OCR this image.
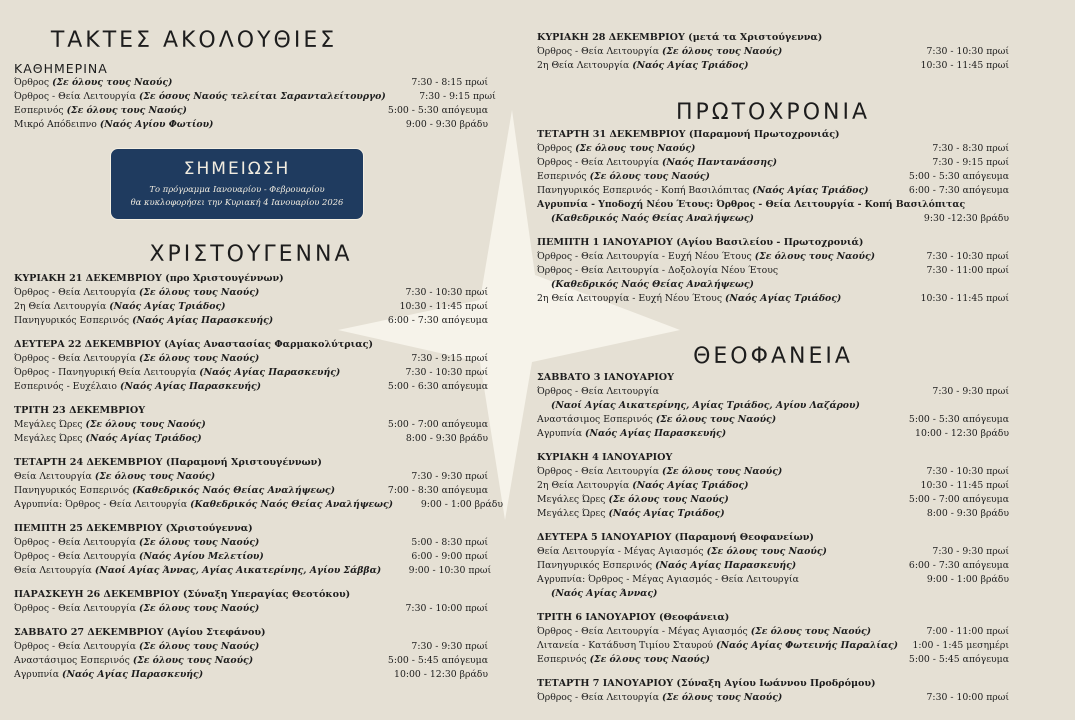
ΤΑΚΤΕΣ ΑΚΟΛΟΥΘΙΕΣ
ΚΑΘΗΜΕΡΙΝΑ
Όρθρος (Σε όλους τους Ναούς)	7:30 - 8:15 πρωί
Όρθρος - Θεία Λειτουργία (Σε όσους Ναούς τελείται Σαρανταλείτουργο)	7:30 - 9:15 πρωί
Εσπερινός (Σε όλους τους Ναούς)	5:00 - 5:30 απόγευμα
Μικρό Απόδειπνο (Ναός Αγίου Φωτίου)	9:00 - 9:30 βράδυ
ΧΡΙΣΤΟΥΓΕΝΝΑ
ΚΥΡΙΑΚΗ 21 ΔΕΚΕΜΒΡΙΟΥ (προ Χριστουγέννων)
Όρθρος - Θεία Λειτουργία (Σε όλους τους Ναούς)	7:30 - 10:30 πρωί
2η Θεία Λειτουργία (Ναός Αγίας Τριάδος)	10:30 - 11:45 πρωί
Πανηγυρικός Εσπερινός (Ναός Αγίας Παρασκευής)	6:00 - 7:30 απόγευμα
ΔΕΥΤΕΡΑ 22 ΔΕΚΕΜΒΡΙΟΥ (Αγίας Αναστασίας Φαρμακολύτριας)
Όρθρος - Θεία Λειτουργία (Σε όλους τους Ναούς)	7:30 - 9:15 πρωί
Όρθρος - Πανηγυρική Θεία Λειτουργία (Ναός Αγίας Παρασκευής)	7:30 - 10:30 πρωί
Εσπερινός - Ευχέλαιο (Ναός Αγίας Παρασκευής)	5:00 - 6:30 απόγευμα
ΤΡΙΤΗ 23 ΔΕΚΕΜΒΡΙΟΥ
Μεγάλες Ώρες (Σε όλους τους Ναούς)	5:00 - 7:00 απόγευμα
Μεγάλες Ώρες (Ναός Αγίας Τριάδος)	8:00 - 9:30 βράδυ
ΤΕΤΑΡΤΗ 24 ΔΕΚΕΜΒΡΙΟΥ (Παραμονή Χριστουγέννων)
Θεία Λειτουργία (Σε όλους τους Ναούς)	7:30 - 9:30 πρωί
Πανηγυρικός Εσπερινός (Καθεδρικός Ναός Θείας Αναλήψεως)	7:00 - 8:30 απόγευμα
Αγρυπνία: Όρθρος - Θεία Λειτουργία (Καθεδρικός Ναός Θείας Αναλήψεως)	9:00 - 1:00 βράδυ
ΠΕΜΠΤΗ 25 ΔΕΚΕΜΒΡΙΟΥ (Χριστούγεννα)
Όρθρος - Θεία Λειτουργία (Σε όλους τους Ναούς)	5:00 - 8:30 πρωί
Όρθρος - Θεία Λειτουργία (Ναός Αγίου Μελετίου)	6:00 - 9:00 πρωί
Θεία Λειτουργία (Ναοί Αγίας Άννας, Αγίας Αικατερίνης, Αγίου Σάββα)	9:00 - 10:30 πρωί
ΠΑΡΑΣΚΕΥΗ 26 ΔΕΚΕΜΒΡΙΟΥ (Σύναξη Υπεραγίας Θεοτόκου)
Όρθρος - Θεία Λειτουργία (Σε όλους τους Ναούς)	7:30 - 10:00 πρωί
ΣΑΒΒΑΤΟ 27 ΔΕΚΕΜΒΡΙΟΥ (Αγίου Στεφάνου)
Όρθρος - Θεία Λειτουργία (Σε όλους τους Ναούς)	7:30 - 9:30 πρωί
Αναστάσιμος Εσπερινός (Σε όλους τους Ναούς)	5:00 - 5:45 απόγευμα
Αγρυπνία (Ναός Αγίας Παρασκευής)	10:00 - 12:30 βράδυ
ΣΗΜΕΙΩΣΗ
Το πρόγραμμα Ιανουαρίου - Φεβρουαρίου
θα κυκλοφορήσει την Κυριακή 4 Ιανουαρίου 2026
ΚΥΡΙΑΚΗ 28 ΔΕΚΕΜΒΡΙΟΥ (μετά τα Χριστούγεννα)
Όρθρος - Θεία Λειτουργία (Σε όλους τους Ναούς)	7:30 - 10:30 πρωί
2η Θεία Λειτουργία (Ναός Αγίας Τριάδος)	10:30 - 11:45 πρωί
ΠΡΩΤΟΧΡΟΝΙΑ
ΤΕΤΑΡΤΗ 31 ΔΕΚΕΜΒΡΙΟΥ (Παραμονή Πρωτοχρονιάς)
Όρθρος (Σε όλους τους Ναούς)	7:30 - 8:30 πρωί
Όρθρος - Θεία Λειτουργία (Ναός Παντανάσσης)	7:30 - 9:15 πρωί
Εσπερινός (Σε όλους τους Ναούς)	5:00 - 5:30 απόγευμα
Πανηγυρικός Εσπερινός - Κοπή Βασιλόπιτας (Ναός Αγίας Τριάδος)	6:00 - 7:30 απόγευμα
Αγρυπνία - Υποδοχή Νέου Έτους: Όρθρος - Θεία Λειτουργία - Κοπή Βασιλόπιτας
(Καθεδρικός Ναός Θείας Αναλήψεως)	9:30 -12:30 βράδυ
ΠΕΜΠΤΗ 1 ΙΑΝΟΥΑΡΙΟΥ (Αγίου Βασιλείου - Πρωτοχρονιά)
Όρθρος - Θεία Λειτουργία - Ευχή Νέου Έτους (Σε όλους τους Ναούς)	7:30 - 10:30 πρωί
Όρθρος - Θεία Λειτουργία - Δοξολογία Νέου Έτους	7:30 - 11:00 πρωί
(Καθεδρικός Ναός Θείας Αναλήψεως)
2η Θεία Λειτουργία - Ευχή Νέου Έτους (Ναός Αγίας Τριάδος)	10:30 - 11:45 πρωί
ΘΕΟΦΑΝΕΙΑ
ΣΑΒΒΑΤΟ 3 ΙΑΝΟΥΑΡΙΟΥ
Όρθρος - Θεία Λειτουργία	7:30 - 9:30 πρωί
(Ναοί Αγίας Αικατερίνης, Αγίας Τριάδος, Αγίου Λαζάρου)
Αναστάσιμος Εσπερινός (Σε όλους τους Ναούς)	5:00 - 5:30 απόγευμα
Αγρυπνία (Ναός Αγίας Παρασκευής)	10:00 - 12:30 βράδυ
ΚΥΡΙΑΚΗ 4 ΙΑΝΟΥΑΡΙΟΥ
Όρθρος - Θεία Λειτουργία (Σε όλους τους Ναούς)	7:30 - 10:30 πρωί
2η Θεία Λειτουργία (Ναός Αγίας Τριάδος)	10:30 - 11:45 πρωί
Μεγάλες Ώρες (Σε όλους τους Ναούς)	5:00 - 7:00 απόγευμα
Μεγάλες Ώρες (Ναός Αγίας Τριάδος)	8:00 - 9:30 βράδυ
ΔΕΥΤΕΡΑ 5 ΙΑΝΟΥΑΡΙΟΥ (Παραμονή Θεοφανείων)
Θεία Λειτουργία - Μέγας Αγιασμός (Σε όλους τους Ναούς)	7:30 - 9:30 πρωί
Πανηγυρικός Εσπερινός (Ναός Αγίας Παρασκευής)	6:00 - 7:30 απόγευμα
Αγρυπνία: Όρθρος - Μέγας Αγιασμός - Θεία Λειτουργία	9:00 - 1:00 βράδυ
(Ναός Αγίας Άννας)
ΤΡΙΤΗ 6 ΙΑΝΟΥΑΡΙΟΥ (Θεοφάνεια)
Όρθρος - Θεία Λειτουργία - Μέγας Αγιασμός (Σε όλους τους Ναούς)	7:00 - 11:00 πρωί
Λιτανεία - Κατάδυση Τιμίου Σταυρού (Ναός Αγίας Φωτεινής Παραλίας)	1:00 - 1:45 μεσημέρι
Εσπερινός (Σε όλους τους Ναούς)	5:00 - 5:45 απόγευμα
ΤΕΤΑΡΤΗ 7 ΙΑΝΟΥΑΡΙΟΥ (Σύναξη Αγίου Ιωάννου Προδρόμου)
Όρθρος - Θεία Λειτουργία (Σε όλους τους Ναούς)	7:30 - 10:00 πρωί
